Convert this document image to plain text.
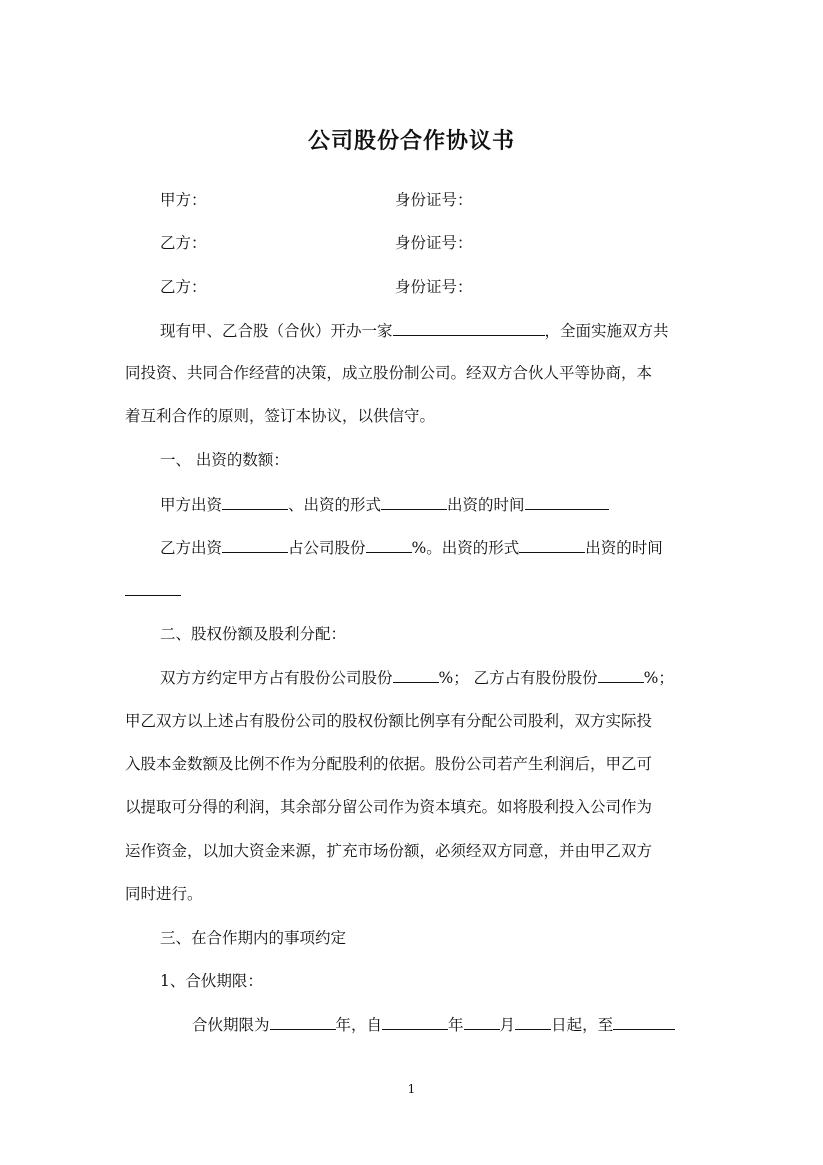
公司股份合作协议书
甲方：	身份证号：
乙方：	身份证号：
乙方：	身份证号：
现有甲、乙合股（合伙）开办一家	，全面实施双方共
同投资、共同合作经营的决策，成立股份制公司。经双方合伙人平等协商，本
着互利合作的原则，签订本协议，以供信守。
一、 出资的数额：
甲方出资	、出资的形式	出资的时间
乙方出资	占公司股份	%。出资的形式	出资的时间
二、股权份额及股利分配：
双方方约定甲方占有股份公司股份	%； 乙方占有股份股份	%；
甲乙双方以上述占有股份公司的股权份额比例享有分配公司股利，双方实际投
入股本金数额及比例不作为分配股利的依据。股份公司若产生利润后，甲乙可
以提取可分得的利润，其余部分留公司作为资本填充。如将股利投入公司作为
运作资金，以加大资金来源，扩充市场份额，必须经双方同意，并由甲乙双方
同时进行。
三、在合作期内的事项约定
1、合伙期限：
合伙期限为	年，自	年 月 日起，至
1
